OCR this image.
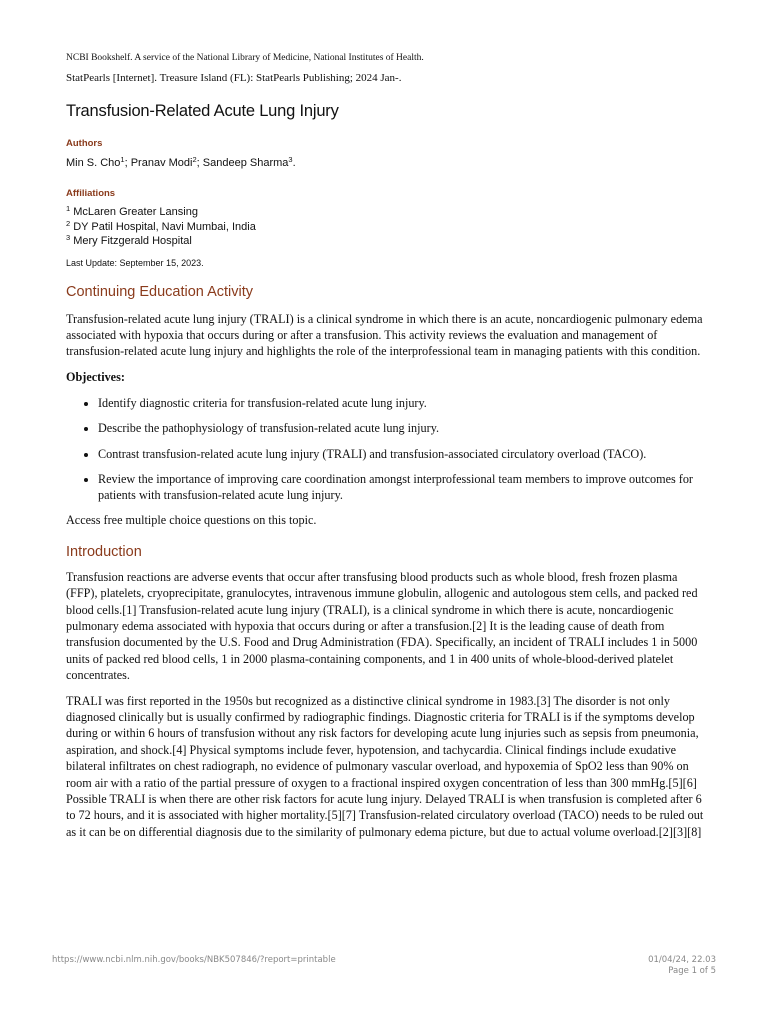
NCBI Bookshelf. A service of the National Library of Medicine, National Institutes of Health.

StatPearls [Internet]. Treasure Island (FL): StatPearls Publishing; 2024 Jan-.

Transfusion-Related Acute Lung Injury
Authors
Min S. Cho$^1$; Pranav Modi$^2$; Sandeep Sharma$^3$.
Affiliations
$^1$ McLaren Greater Lansing
$^2$ DY Patil Hospital, Navi Mumbai, India
$^3$ Mery Fitzgerald Hospital
Last Update: September 15, 2023.
Continuing Education Activity

Transfusion-related acute lung injury (TRALI) is a clinical syndrome in which there is an acute, noncardiogenic pulmonary edema associated with hypoxia that occurs during or after a transfusion. This activity reviews the evaluation and management of transfusion-related acute lung injury and highlights the role of the interprofessional team in managing patients with this condition.

Objectives:

• Identify diagnostic criteria for transfusion-related acute lung injury.
• Describe the pathophysiology of transfusion-related acute lung injury.
• Contrast transfusion-related acute lung injury (TRALI) and transfusion-associated circulatory overload (TACO).
• Review the importance of improving care coordination amongst interprofessional team members to improve outcomes for patients with transfusion-related acute lung injury.

Access free multiple choice questions on this topic.

Introduction

Transfusion reactions are adverse events that occur after transfusing blood products such as whole blood, fresh frozen plasma (FFP), platelets, cryoprecipitate, granulocytes, intravenous immune globulin, allogenic and autologous stem cells, and packed red blood cells.[1] Transfusion-related acute lung injury (TRALI), is a clinical syndrome in which there is acute, noncardiogenic pulmonary edema associated with hypoxia that occurs during or after a transfusion.[2] It is the leading cause of death from transfusion documented by the U.S. Food and Drug Administration (FDA). Specifically, an incident of TRALI includes 1 in 5000 units of packed red blood cells, 1 in 2000 plasma-containing components, and 1 in 400 units of whole-blood-derived platelet concentrates.

TRALI was first reported in the 1950s but recognized as a distinctive clinical syndrome in 1983.[3] The disorder is not only diagnosed clinically but is usually confirmed by radiographic findings. Diagnostic criteria for TRALI is if the symptoms develop during or within 6 hours of transfusion without any risk factors for developing acute lung injuries such as sepsis from pneumonia, aspiration, and shock.[4] Physical symptoms include fever, hypotension, and tachycardia. Clinical findings include exudative bilateral infiltrates on chest radiograph, no evidence of pulmonary vascular overload, and hypoxemia of SpO2 less than 90% on room air with a ratio of the partial pressure of oxygen to a fractional inspired oxygen concentration of less than 300 mmHg.[5][6] Possible TRALI is when there are other risk factors for acute lung injury. Delayed TRALI is when transfusion is completed after 6 to 72 hours, and it is associated with higher mortality.[5][7] Transfusion-related circulatory overload (TACO) needs to be ruled out as it can be on differential diagnosis due to the similarity of pulmonary edema picture, but due to actual volume overload.[2][3][8]

https://www.ncbi.nlm.nih.gov/books/NBK507846/?report=printable	01/04/24, 22.03
Page 1 of 5
